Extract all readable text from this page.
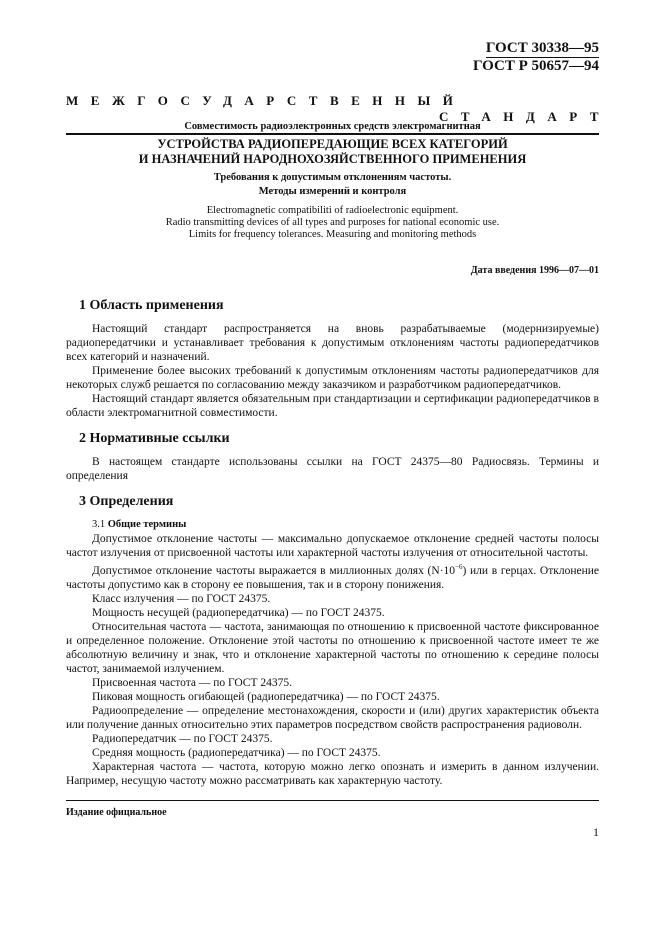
ГОСТ 30338—95
ГОСТ Р 50657—94
МЕЖГОСУДАРСТВЕННЫЙ
СТАНДАРТ
Совместимость радиоэлектронных средств электромагнитная
УСТРОЙСТВА РАДИОПЕРЕДАЮЩИЕ ВСЕХ КАТЕГОРИЙ
И НАЗНАЧЕНИЙ НАРОДНОХОЗЯЙСТВЕННОГО ПРИМЕНЕНИЯ
Требования к допустимым отклонениям частоты.
Методы измерений и контроля
Electromagnetic compatibiliti of radioelectronic equipment.
Radio transmitting devices of all types and purposes for national economic use.
Limits for frequency tolerances. Measuring and monitoring methods
Дата введения 1996—07—01
1 Область применения

Настоящий стандарт распространяется на вновь разрабатываемые (модернизируемые) радиопередатчики и устанавливает требования к допустимым отклонениям частоты радиопередатчиков всех категорий и назначений.

Применение более высоких требований к допустимым отклонениям частоты радиопередатчиков для некоторых служб решается по согласованию между заказчиком и разработчиком радиопередатчиков.

Настоящий стандарт является обязательным при стандартизации и сертификации радиопередатчиков в области электромагнитной совместимости.

2 Нормативные ссылки

В настоящем стандарте использованы ссылки на ГОСТ 24375—80 Радиосвязь. Термины и определения

3 Определения
3.1 Общие термины

Допустимое отклонение частоты — максимально допускаемое отклонение средней частоты полосы частот излучения от присвоенной частоты или характерной частоты излучения от относительной частоты.

Допустимое отклонение частоты выражается в миллионных долях $(N\cdot 10^{-6})$ или в герцах. Отклонение частоты допустимо как в сторону ее повышения, так и в сторону понижения.

Класс излучения — по ГОСТ 24375.

Мощность несущей (радиопередатчика) — по ГОСТ 24375.

Относительная частота — частота, занимающая по отношению к присвоенной частоте фиксированное и определенное положение. Отклонение этой частоты по отношению к присвоенной частоте имеет те же абсолютную величину и знак, что и отклонение характерной частоты по отношению к середине полосы частот, занимаемой излучением.

Присвоенная частота — по ГОСТ 24375.

Пиковая мощность огибающей (радиопередатчика) — по ГОСТ 24375.

Радиоопределение — определение местонахождения, скорости и (или) других характеристик объекта или получение данных относительно этих параметров посредством свойств распространения радиоволн.

Радиопередатчик — по ГОСТ 24375.

Средняя мощность (радиопередатчика) — по ГОСТ 24375.

Характерная частота — частота, которую можно легко опознать и измерить в данном излучении. Например, несущую частоту можно рассматривать как характерную частоту.

Издание официальное
1
